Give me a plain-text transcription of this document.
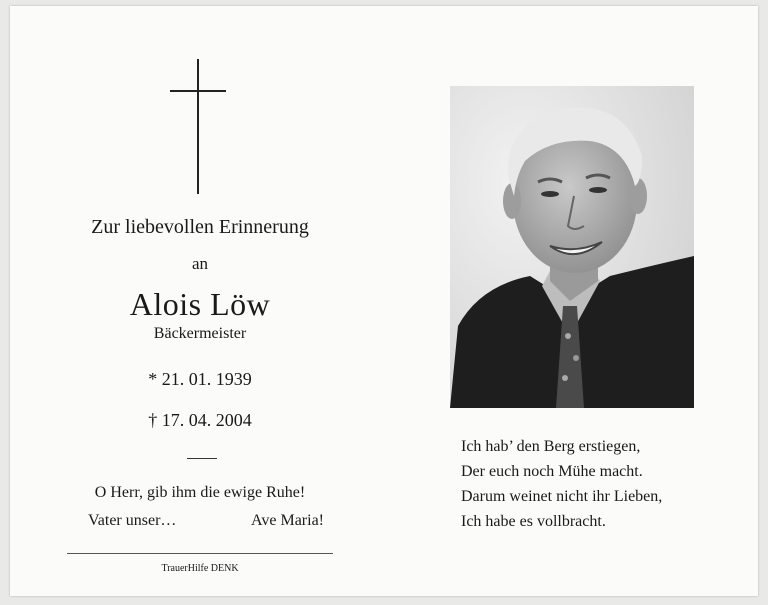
Zur liebevollen Erinnerung
an
Alois Löw
Bäckermeister
* 21. 01. 1939
† 17. 04. 2004
O Herr, gib ihm die ewige Ruhe!
Vater unser…	Ave Maria!
TrauerHilfe DENK
Ich hab’ den Berg erstiegen,
Der euch noch Mühe macht.
Darum weinet nicht ihr Lieben,
Ich habe es vollbracht.
